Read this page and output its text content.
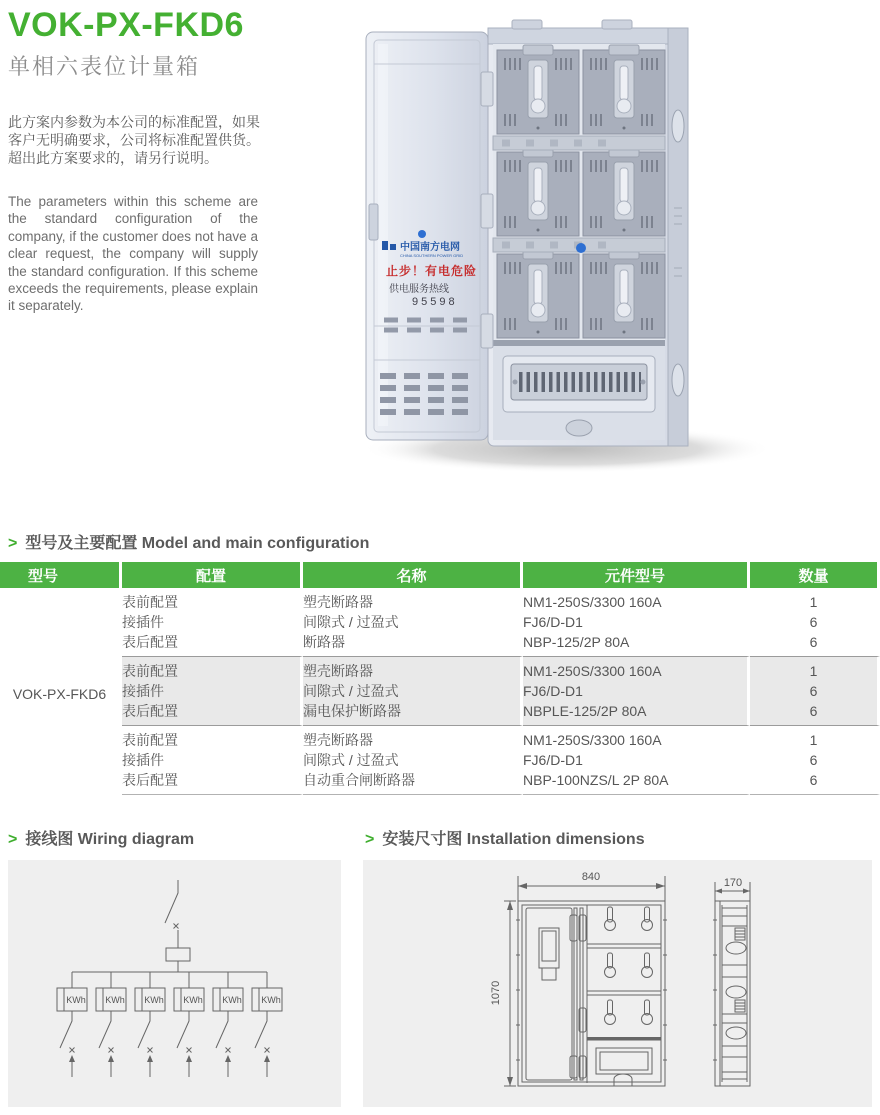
VOK-PX-FKD6
单相六表位计量箱

此方案内参数为本公司的标准配置，如果客户无明确要求，公司将标准配置供货。超出此方案要求的，请另行说明。

The parameters within this scheme are the standard configuration of the company, if the customer does not have a clear request, the company will supply the standard configuration. If this scheme exceeds the requirements, please explain it separately.

中国南方电网
CHINA SOUTHERN POWER GRID
止步！有电危险
供电服务热线
95598
> 型号及主要配置 Model and main configuration
型号	配置	名称	元件型号	数量
VOK-PX-FKD6	表前配置	塑壳断路器	NM1-250S/3300 160A	1
	接插件	间隙式 / 过盈式	FJ6/D-D1	6
	表后配置	断路器	NBP-125/2P 80A	6
	表前配置	塑壳断路器	NM1-250S/3300 160A	1
	接插件	间隙式 / 过盈式	FJ6/D-D1	6
	表后配置	漏电保护断路器	NBPLE-125/2P 80A	6
	表前配置	塑壳断路器	NM1-250S/3300 160A	1
	接插件	间隙式 / 过盈式	FJ6/D-D1	6
	表后配置	自动重合闸断路器	NBP-100NZS/L 2P 80A	6
> 接线图 Wiring diagram	> 安装尺寸图 Installation dimensions
KWh KWh KWh KWh KWh KWh
840
1070
170
